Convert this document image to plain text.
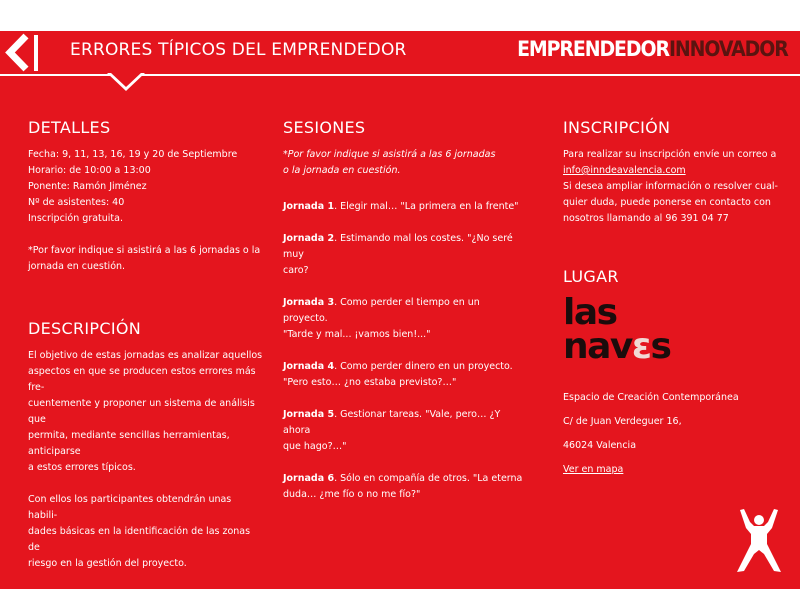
ERRORES TÍPICOS DEL EMPRENDEDOR	EMPRENDEDORINNOVADOR
DETALLES

Fecha: 9, 11, 13, 16, 19 y 20 de Septiembre

Horario: de 10:00 a 13:00

Ponente: Ramón Jiménez

Nº de asistentes: 40

Inscripción gratuita.

*Por favor indique si asistirá a las 6 jornadas o la

jornada en cuestión.

DESCRIPCIÓN

El objetivo de estas jornadas es analizar aquellos

aspectos en que se producen estos errores más fre-

cuentemente y proponer un sistema de análisis que

permita, mediante sencillas herramientas, anticiparse

a estos errores típicos.

Con ellos los participantes obtendrán unas habili-

dades básicas en la identificación de las zonas de

riesgo en la gestión del proyecto.

SESIONES

*Por favor indique si asistirá a las 6 jornadas

o la jornada en cuestión.

Jornada 1. Elegir mal… "La primera en la frente"

Jornada 2. Estimando mal los costes. "¿No seré muy

caro?

Jornada 3. Como perder el tiempo en un proyecto.

"Tarde y mal... ¡vamos bien!..."

Jornada 4. Como perder dinero en un proyecto.

"Pero esto… ¿no estaba previsto?…"

Jornada 5. Gestionar tareas. "Vale, pero… ¿Y ahora

que hago?…"

Jornada 6. Sólo en compañía de otros. "La eterna

duda… ¿me fío o no me fío?"

INSCRIPCIÓN

Para realizar su inscripción envíe un correo a

info@inndeavalencia.com

Si desea ampliar información o resolver cual-

quier duda, puede ponerse en contacto con

nosotros llamando al 96 391 04 77

LUGAR
las
navɛs

Espacio de Creación Contemporánea

C/ de Juan Verdeguer 16,

46024 Valencia

Ver en mapa
